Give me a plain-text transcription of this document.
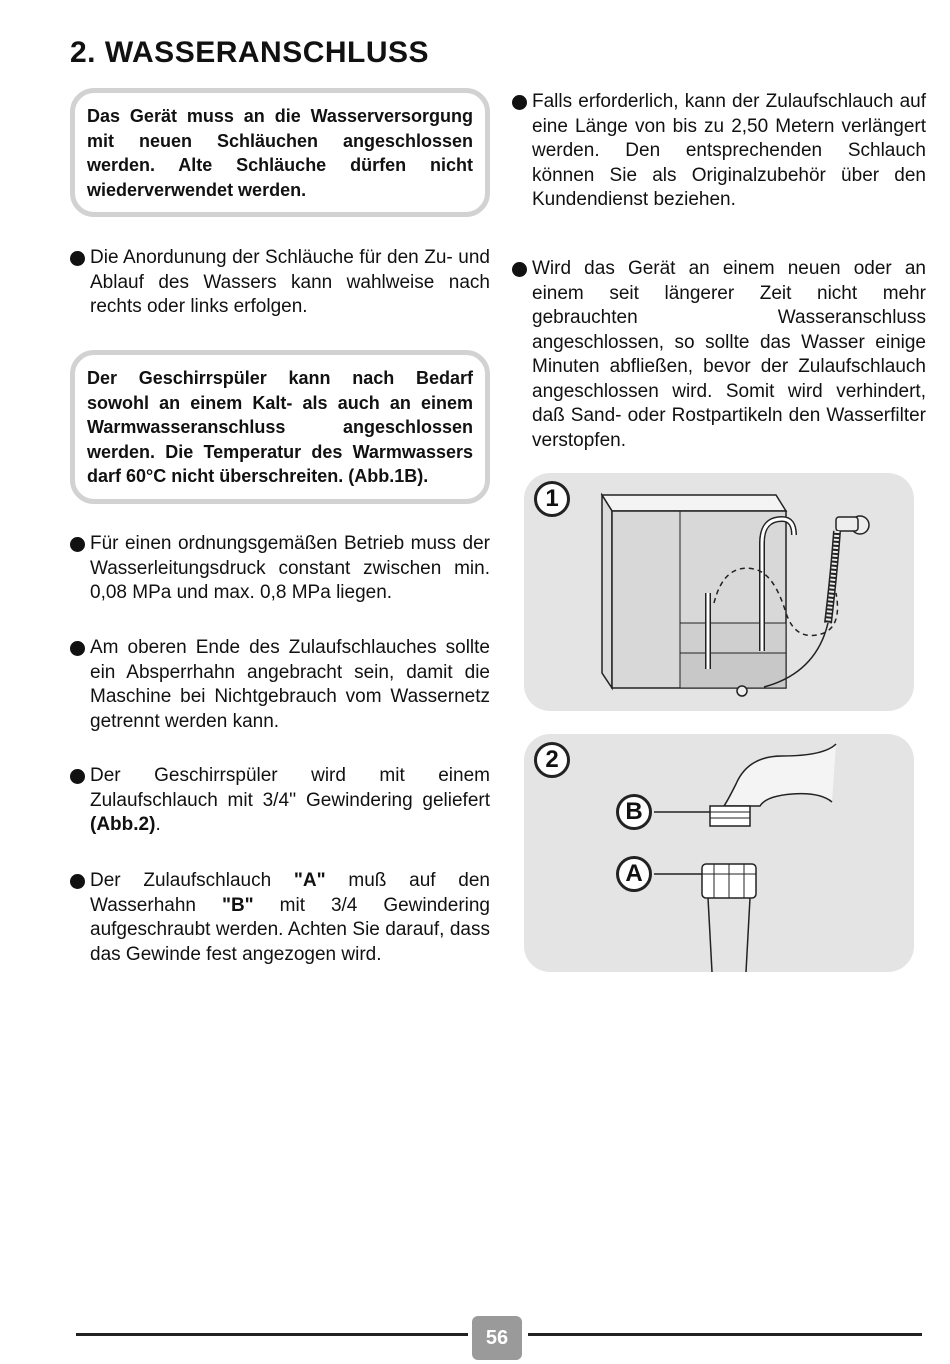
2. WASSERANSCHLUSS
Das Gerät muss an die Wasserversorgung mit neuen Schläuchen angeschlossen werden. Alte Schläuche dürfen nicht wiederverwendet werden.
Die Anordunung der Schläuche für den Zu- und Ablauf des Wassers kann wahlweise nach rechts oder links erfolgen.
Der Geschirrspüler kann nach Bedarf sowohl an einem Kalt- als auch an einem Warmwasseranschluss angeschlossen werden. Die Temperatur des Warmwassers darf 60°C nicht überschreiten. (Abb.1B).
Für einen ordnungsgemäßen Betrieb muss der Wasserleitungsdruck constant zwischen min. 0,08 MPa und max. 0,8 MPa liegen.
Am oberen Ende des Zulaufschlauches sollte ein Absperrhahn angebracht sein, damit die Maschine bei Nichtgebrauch vom Wassernetz getrennt werden kann.
Der Geschirrspüler wird mit einem Zulaufschlauch mit 3/4'' Gewindering geliefert (Abb.2).
Der Zulaufschlauch "A" muß auf den Wasserhahn "B" mit 3/4 Gewindering aufgeschraubt werden. Achten Sie darauf, dass das Gewinde fest angezogen wird.
Falls erforderlich, kann der Zulaufschlauch auf eine Länge von bis zu 2,50 Metern verlängert werden. Den entsprechenden Schlauch können Sie als Originalzubehör über den Kundendienst beziehen.
Wird das Gerät an einem neuen oder an einem seit längerer Zeit nicht mehr gebrauchten Wasseranschluss angeschlossen, so sollte das Wasser einige Minuten abfließen, bevor der Zulaufschlauch angeschlossen wird. Somit wird verhindert, daß Sand- oder Rostpartikeln den Wasserfilter verstopfen.
1
2
B
A
56
